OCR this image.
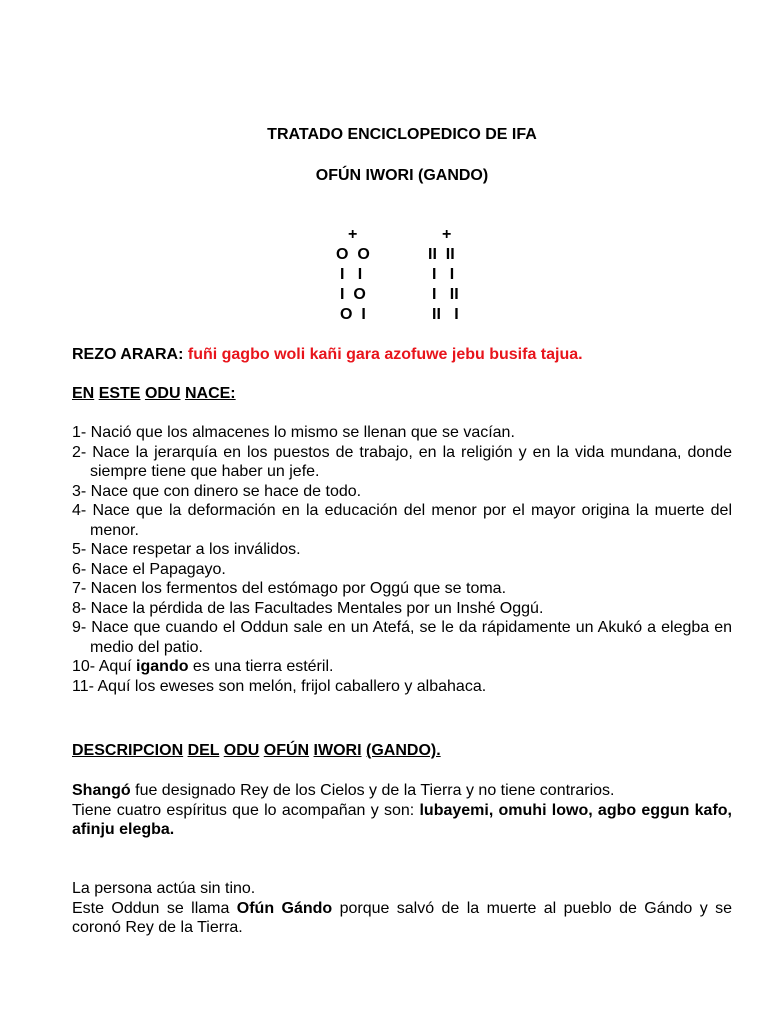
TRATADO ENCICLOPEDICO DE IFA
OFÚN IWORI (GANDO)
+
O  O
I   I
I  O
O  I
+
II  II
I   I
I   II
II   I
REZO ARARA: fuñi gagbo woli kañi gara azofuwe jebu busifa tajua.
EN ESTE ODU NACE:
1- Nació que los almacenes lo mismo se llenan que se vacían.
2- Nace la jerarquía en los puestos de trabajo, en la religión y en la vida mundana, donde siempre tiene que haber un jefe.
3- Nace que con dinero se hace de todo.
4- Nace que la deformación en la educación del menor por el mayor origina la muerte del menor.
5- Nace respetar a los inválidos.
6- Nace el Papagayo.
7- Nacen los fermentos del estómago por Oggú que se toma.
8- Nace la pérdida de las Facultades Mentales por un Inshé Oggú.
9- Nace que cuando el Oddun sale en un Atefá, se le da rápidamente un Akukó a elegba en medio del patio.
10- Aquí igando es una tierra estéril.
11- Aquí los eweses son melón, frijol caballero y albahaca.
DESCRIPCION DEL ODU OFÚN IWORI (GANDO).
Shangó fue designado Rey de los Cielos y de la Tierra y no tiene contrarios.
Tiene cuatro espíritus que lo acompañan y son: lubayemi, omuhi lowo, agbo eggun kafo, afinju elegba.
La persona actúa sin tino.
Este Oddun se llama Ofún Gándo porque salvó de la muerte al pueblo de Gándo y se coronó Rey de la Tierra.
